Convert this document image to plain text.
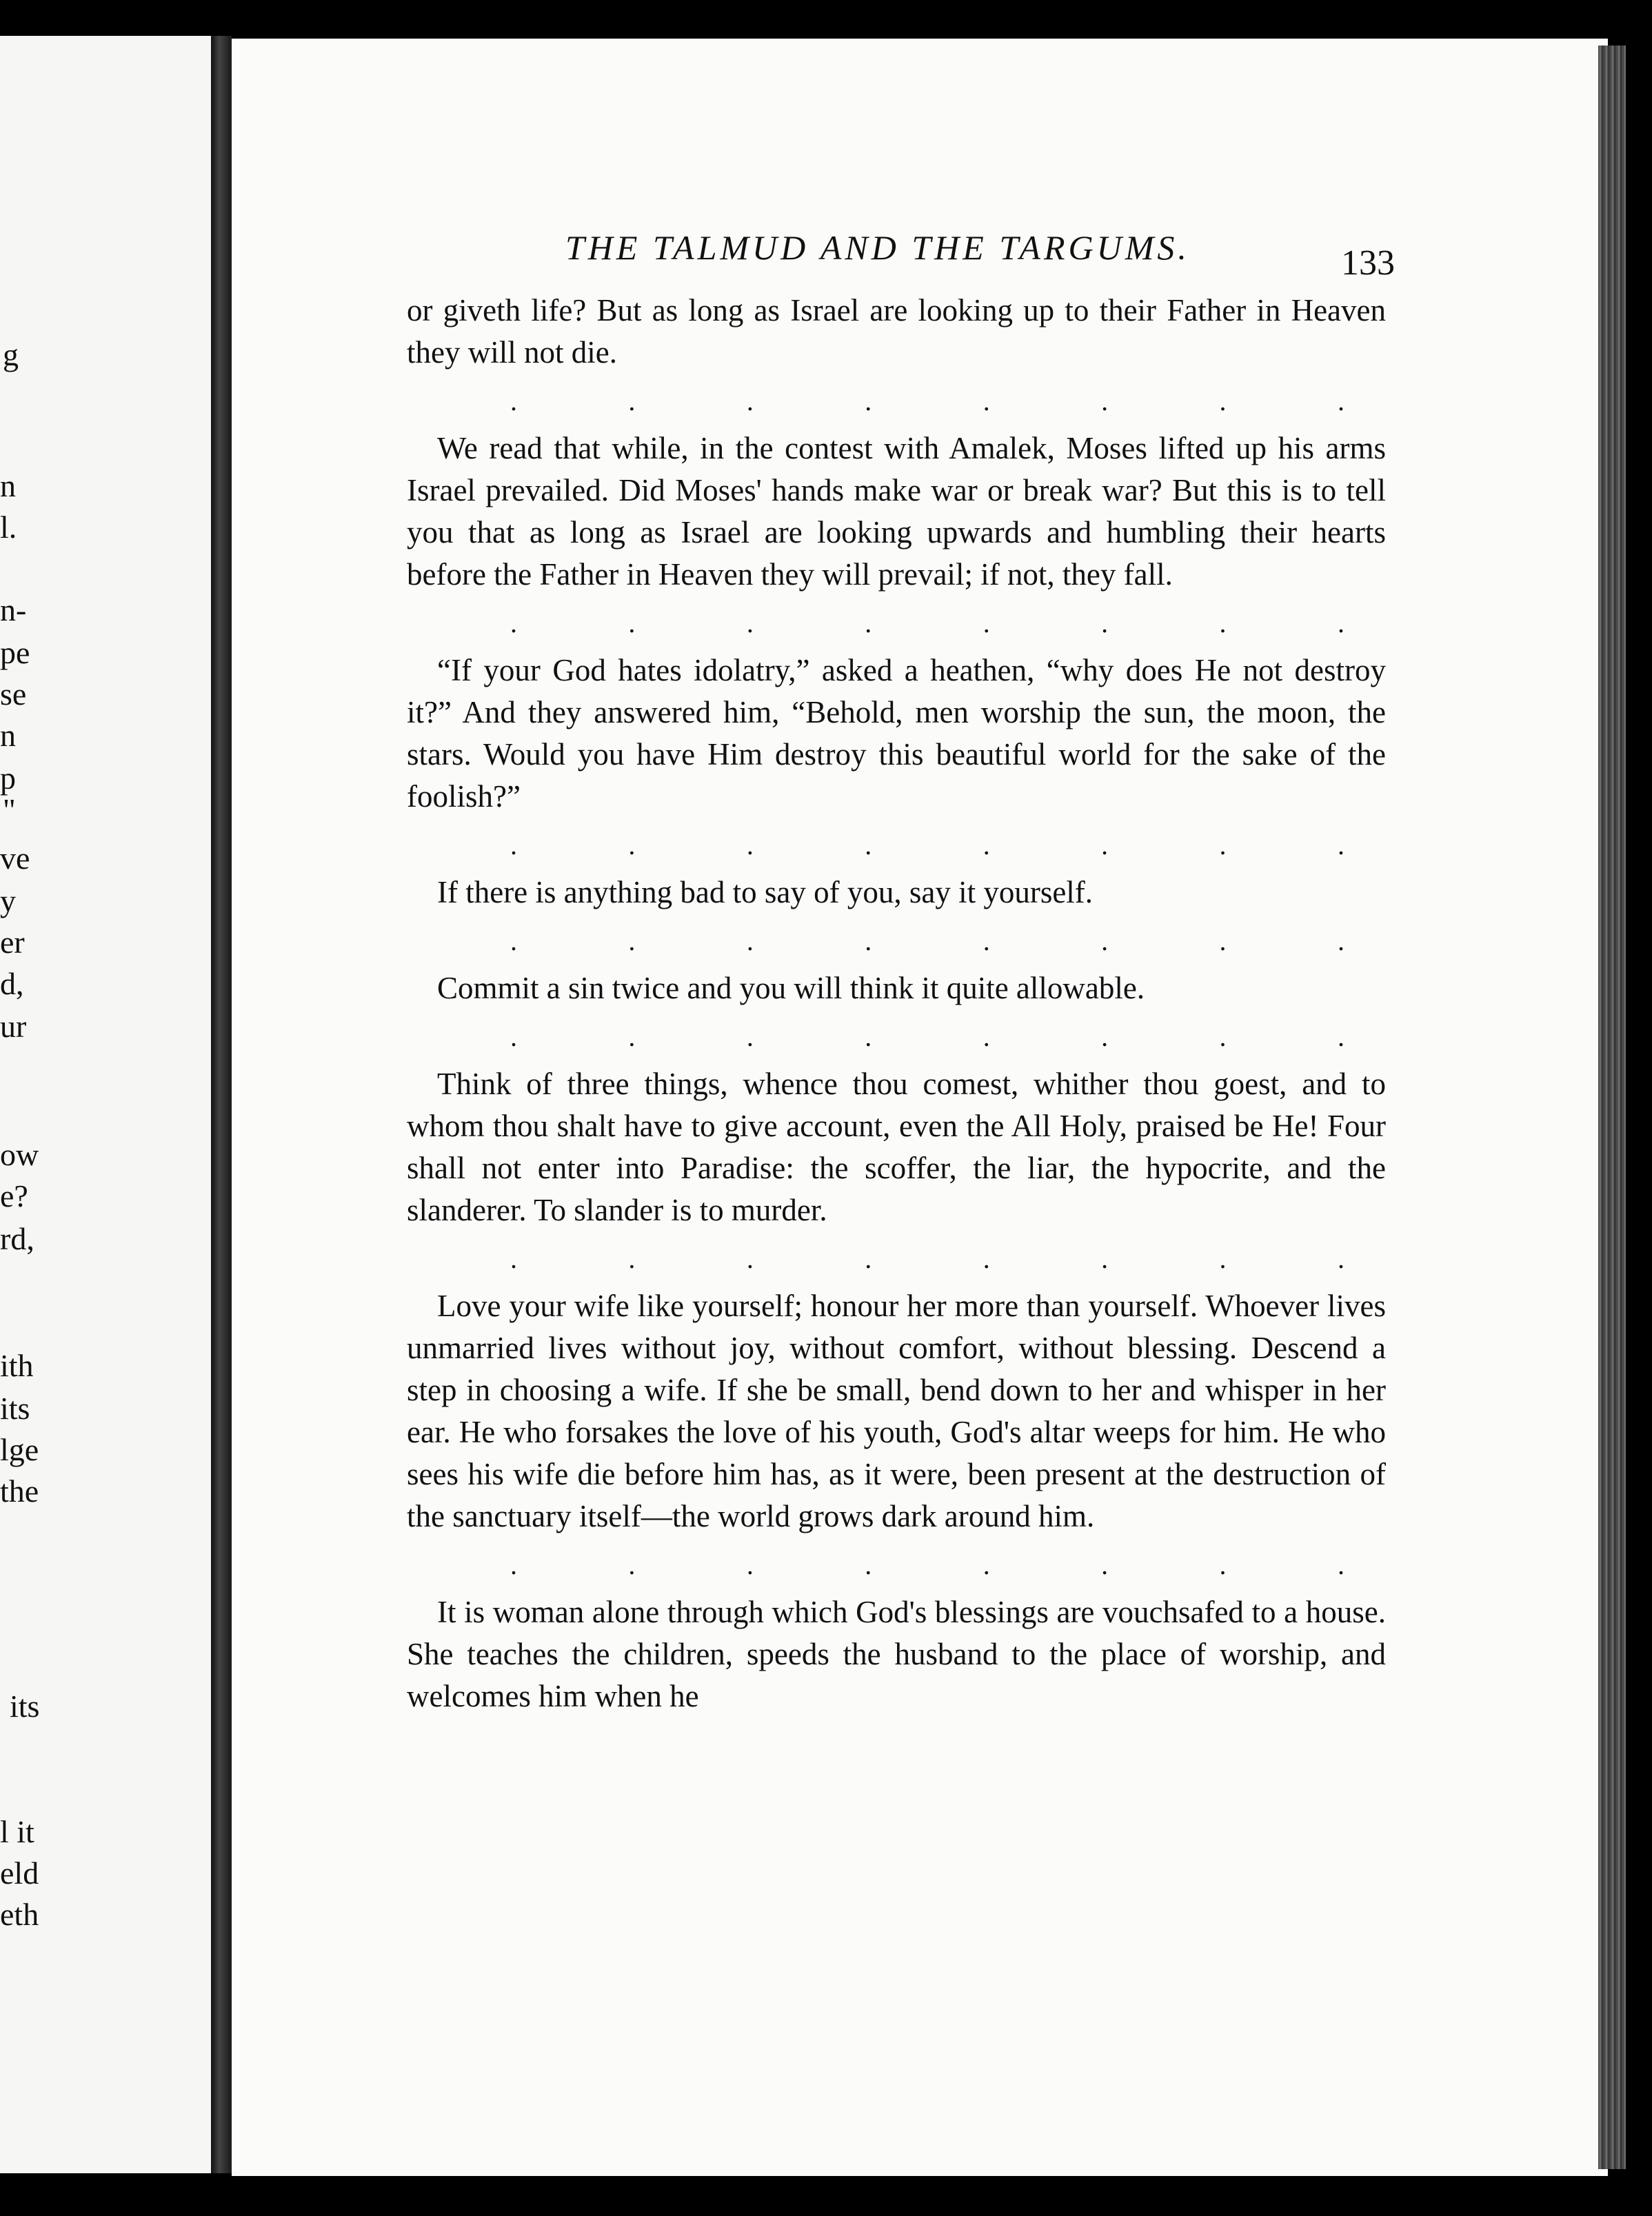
g
n
l.
n-
pe
se
n
p
"
ve
y
er
d,
ur
ow
e?
rd,
ith
its
lge
the
its
l it
eld
eth
THE TALMUD AND THE TARGUMS.	133

or giveth life? But as long as Israel are looking up to their Father in Heaven they will not die.

.	.	.	.	.	.	.	.

We read that while, in the contest with Amalek, Moses lifted up his arms Israel prevailed. Did Moses' hands make war or break war? But this is to tell you that as long as Israel are looking upwards and humbling their hearts before the Father in Heaven they will prevail; if not, they fall.

.	.	.	.	.	.	.	.

“If your God hates idolatry,” asked a heathen, “why does He not destroy it?” And they answered him, “Behold, men worship the sun, the moon, the stars. Would you have Him destroy this beautiful world for the sake of the foolish?”

.	.	.	.	.	.	.	.

If there is anything bad to say of you, say it yourself.

.	.	.	.	.	.	.	.

Commit a sin twice and you will think it quite allowable.

.	.	.	.	.	.	.	.

Think of three things, whence thou comest, whither thou goest, and to whom thou shalt have to give account, even the All Holy, praised be He! Four shall not enter into Paradise: the scoffer, the liar, the hypocrite, and the slanderer. To slander is to murder.

.	.	.	.	.	.	.	.

Love your wife like yourself; honour her more than yourself. Whoever lives unmarried lives without joy, without comfort, without blessing. Descend a step in choosing a wife. If she be small, bend down to her and whisper in her ear. He who forsakes the love of his youth, God's altar weeps for him. He who sees his wife die before him has, as it were, been present at the destruction of the sanctuary itself—the world grows dark around him.

.	.	.	.	.	.	.	.

It is woman alone through which God's blessings are vouchsafed to a house. She teaches the children, speeds the husband to the place of worship, and welcomes him when he
